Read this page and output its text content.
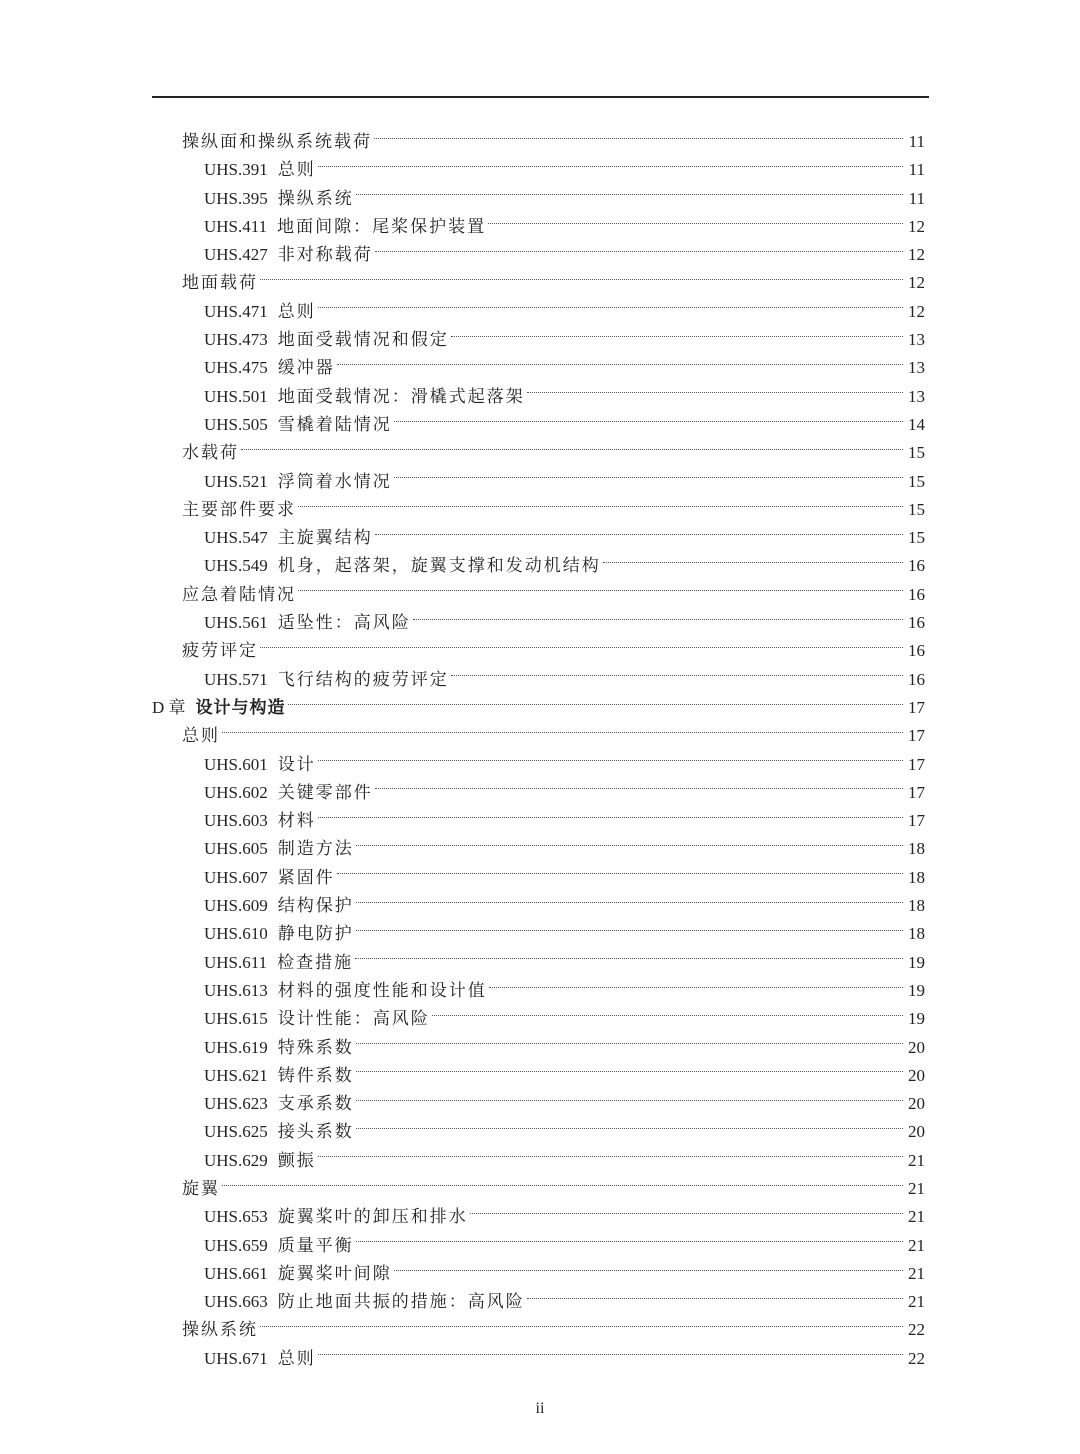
操纵面和操纵系统载荷	11
UHS.391 总则	11
UHS.395 操纵系统	11
UHS.411 地面间隙：尾桨保护装置	12
UHS.427 非对称载荷	12
地面载荷	12
UHS.471 总则	12
UHS.473 地面受载情况和假定	13
UHS.475 缓冲器	13
UHS.501 地面受载情况：滑橇式起落架	13
UHS.505 雪橇着陆情况	14
水载荷	15
UHS.521 浮筒着水情况	15
主要部件要求	15
UHS.547 主旋翼结构	15
UHS.549 机身，起落架，旋翼支撑和发动机结构	16
应急着陆情况	16
UHS.561 适坠性：高风险	16
疲劳评定	16
UHS.571 飞行结构的疲劳评定	16
D 章 设计与构造	17
总则	17
UHS.601 设计	17
UHS.602 关键零部件	17
UHS.603 材料	17
UHS.605 制造方法	18
UHS.607 紧固件	18
UHS.609 结构保护	18
UHS.610 静电防护	18
UHS.611 检查措施	19
UHS.613 材料的强度性能和设计值	19
UHS.615 设计性能：高风险	19
UHS.619 特殊系数	20
UHS.621 铸件系数	20
UHS.623 支承系数	20
UHS.625 接头系数	20
UHS.629 颤振	21
旋翼	21
UHS.653 旋翼桨叶的卸压和排水	21
UHS.659 质量平衡	21
UHS.661 旋翼桨叶间隙	21
UHS.663 防止地面共振的措施：高风险	21
操纵系统	22
UHS.671 总则	22
ii
